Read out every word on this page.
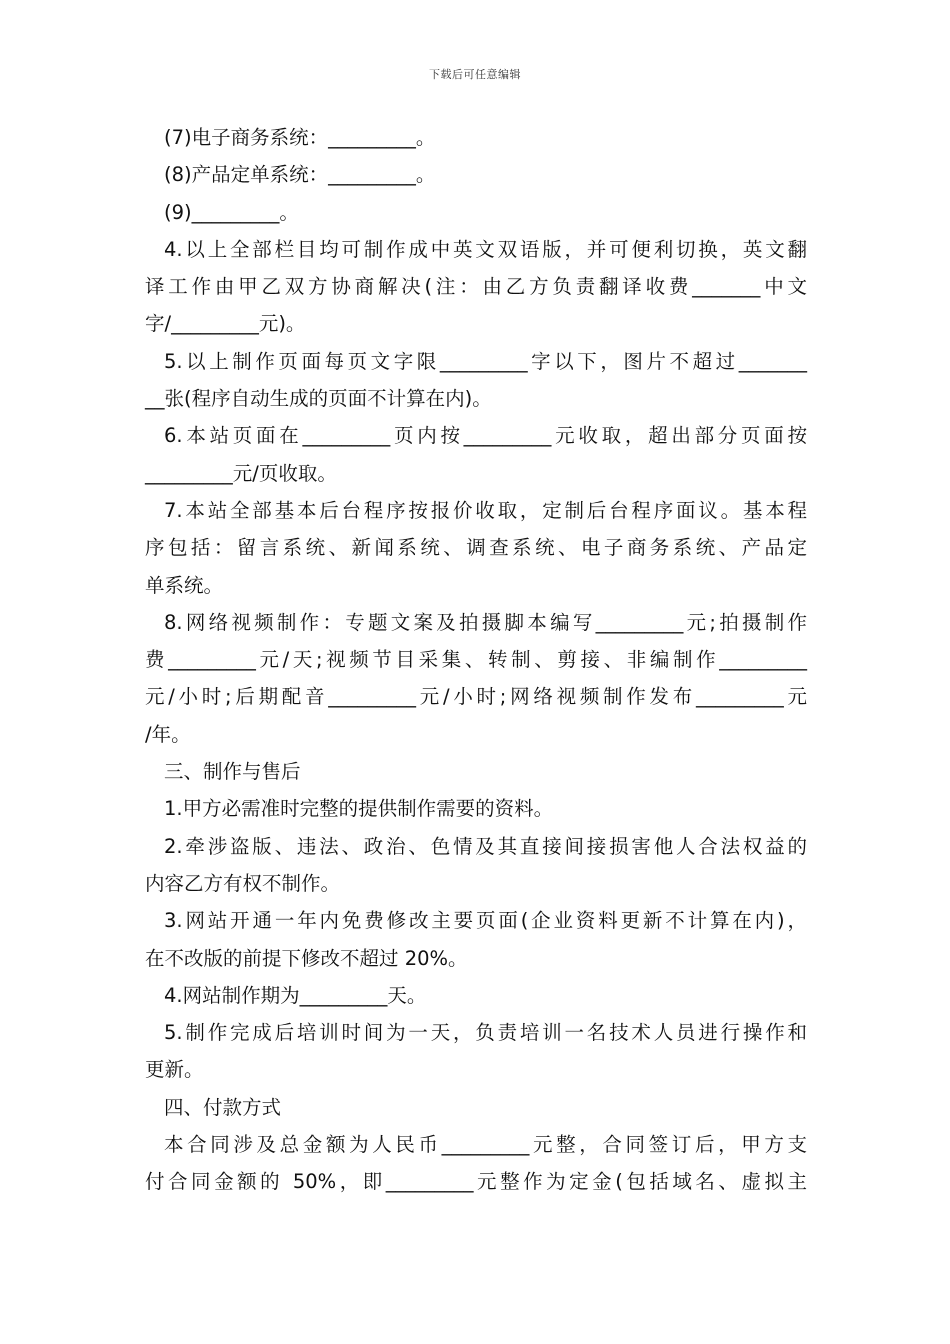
下载后可任意编辑
(7)电子商务系统：_________。
(8)产品定单系统：_________。
(9)_________。
4.以上全部栏目均可制作成中英文双语版，并可便利切换，英文翻
译工作由甲乙双方协商解决(注：由乙方负责翻译收费_______中文
字/_________元)。
5.以上制作页面每页文字限_________字以下，图片不超过_______
__张(程序自动生成的页面不计算在内)。
6.本站页面在_________页内按_________元收取，超出部分页面按
_________元/页收取。
7.本站全部基本后台程序按报价收取，定制后台程序面议。基本程
序包括：留言系统、新闻系统、调查系统、电子商务系统、产品定
单系统。
8.网络视频制作：专题文案及拍摄脚本编写_________元;拍摄制作
费_________元/天;视频节目采集、转制、剪接、非编制作_________
元/小时;后期配音_________元/小时;网络视频制作发布_________元
/年。
三、制作与售后
1.甲方必需准时完整的提供制作需要的资料。
2.牵涉盗版、违法、政治、色情及其直接间接损害他人合法权益的
内容乙方有权不制作。
3.网站开通一年内免费修改主要页面(企业资料更新不计算在内)，
在不改版的前提下修改不超过 20%。
4.网站制作期为_________天。
5.制作完成后培训时间为一天，负责培训一名技术人员进行操作和
更新。
四、付款方式
本合同涉及总金额为人民币_________元整，合同签订后，甲方支
付合同金额的 50%，即_________元整作为定金(包括域名、虚拟主
